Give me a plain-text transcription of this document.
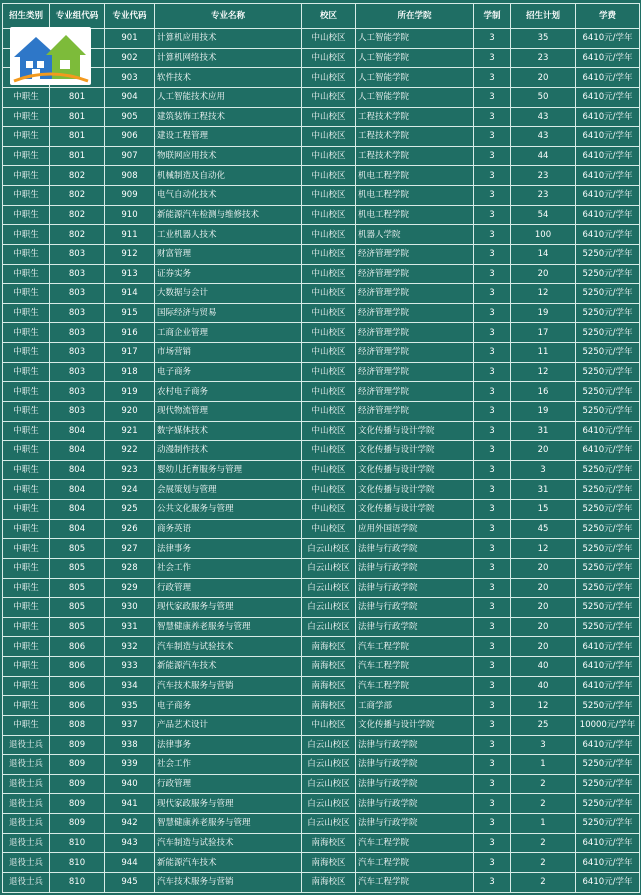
招生类别	专业组代码	专业代码	专业名称	校区	所在学院	学制	招生计划	学费
		901	计算机应用技术	中山校区	人工智能学院	3	35	6410元/学年
		902	计算机网络技术	中山校区	人工智能学院	3	23	6410元/学年
		903	软件技术	中山校区	人工智能学院	3	20	6410元/学年
中职生	801	904	人工智能技术应用	中山校区	人工智能学院	3	50	6410元/学年
中职生	801	905	建筑装饰工程技术	中山校区	工程技术学院	3	43	6410元/学年
中职生	801	906	建设工程管理	中山校区	工程技术学院	3	43	6410元/学年
中职生	801	907	物联网应用技术	中山校区	工程技术学院	3	44	6410元/学年
中职生	802	908	机械制造及自动化	中山校区	机电工程学院	3	23	6410元/学年
中职生	802	909	电气自动化技术	中山校区	机电工程学院	3	23	6410元/学年
中职生	802	910	新能源汽车检测与维修技术	中山校区	机电工程学院	3	54	6410元/学年
中职生	802	911	工业机器人技术	中山校区	机器人学院	3	100	6410元/学年
中职生	803	912	财富管理	中山校区	经济管理学院	3	14	5250元/学年
中职生	803	913	证券实务	中山校区	经济管理学院	3	20	5250元/学年
中职生	803	914	大数据与会计	中山校区	经济管理学院	3	12	5250元/学年
中职生	803	915	国际经济与贸易	中山校区	经济管理学院	3	19	5250元/学年
中职生	803	916	工商企业管理	中山校区	经济管理学院	3	17	5250元/学年
中职生	803	917	市场营销	中山校区	经济管理学院	3	11	5250元/学年
中职生	803	918	电子商务	中山校区	经济管理学院	3	12	5250元/学年
中职生	803	919	农村电子商务	中山校区	经济管理学院	3	16	5250元/学年
中职生	803	920	现代物流管理	中山校区	经济管理学院	3	19	5250元/学年
中职生	804	921	数字媒体技术	中山校区	文化传播与设计学院	3	31	6410元/学年
中职生	804	922	动漫制作技术	中山校区	文化传播与设计学院	3	20	6410元/学年
中职生	804	923	婴幼儿托育服务与管理	中山校区	文化传播与设计学院	3	3	5250元/学年
中职生	804	924	会展策划与管理	中山校区	文化传播与设计学院	3	31	5250元/学年
中职生	804	925	公共文化服务与管理	中山校区	文化传播与设计学院	3	15	5250元/学年
中职生	804	926	商务英语	中山校区	应用外国语学院	3	45	5250元/学年
中职生	805	927	法律事务	白云山校区	法律与行政学院	3	12	5250元/学年
中职生	805	928	社会工作	白云山校区	法律与行政学院	3	20	5250元/学年
中职生	805	929	行政管理	白云山校区	法律与行政学院	3	20	5250元/学年
中职生	805	930	现代家政服务与管理	白云山校区	法律与行政学院	3	20	5250元/学年
中职生	805	931	智慧健康养老服务与管理	白云山校区	法律与行政学院	3	20	5250元/学年
中职生	806	932	汽车制造与试验技术	南海校区	汽车工程学院	3	20	6410元/学年
中职生	806	933	新能源汽车技术	南海校区	汽车工程学院	3	40	6410元/学年
中职生	806	934	汽车技术服务与营销	南海校区	汽车工程学院	3	40	6410元/学年
中职生	806	935	电子商务	南海校区	工商学部	3	12	5250元/学年
中职生	808	937	产品艺术设计	中山校区	文化传播与设计学院	3	25	10000元/学年
退役士兵	809	938	法律事务	白云山校区	法律与行政学院	3	3	6410元/学年
退役士兵	809	939	社会工作	白云山校区	法律与行政学院	3	1	5250元/学年
退役士兵	809	940	行政管理	白云山校区	法律与行政学院	3	2	5250元/学年
退役士兵	809	941	现代家政服务与管理	白云山校区	法律与行政学院	3	2	5250元/学年
退役士兵	809	942	智慧健康养老服务与管理	白云山校区	法律与行政学院	3	1	5250元/学年
退役士兵	810	943	汽车制造与试验技术	南海校区	汽车工程学院	3	2	6410元/学年
退役士兵	810	944	新能源汽车技术	南海校区	汽车工程学院	3	2	6410元/学年
退役士兵	810	945	汽车技术服务与营销	南海校区	汽车工程学院	3	2	6410元/学年
